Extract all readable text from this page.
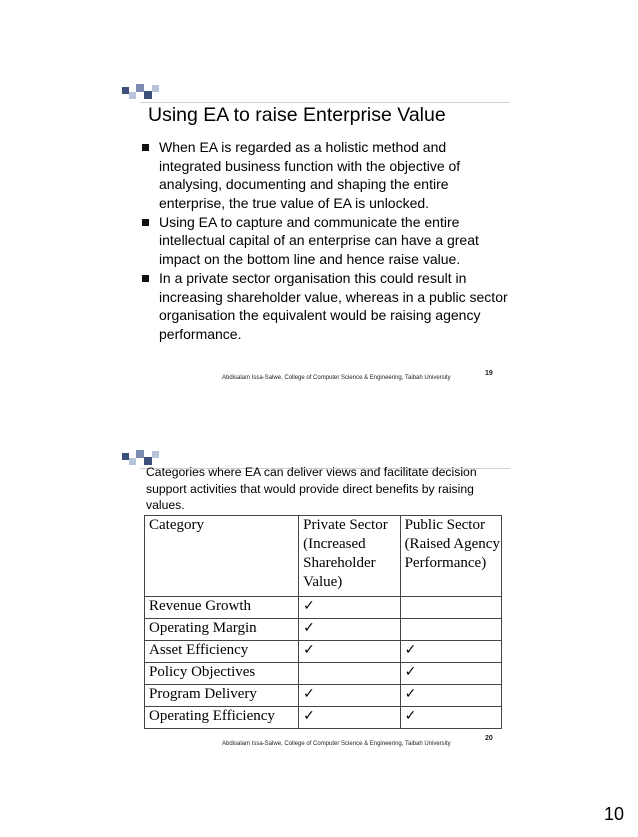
Using EA to raise Enterprise Value
When EA is regarded as a holistic method and integrated business function with the objective of analysing, documenting and shaping the entire enterprise, the true value of EA is unlocked.
Using EA to capture and communicate the entire intellectual capital of an enterprise can have a great impact on the bottom line and hence raise value.
In a private sector organisation this could result in increasing shareholder value, whereas in a public sector organisation the equivalent would be raising agency performance.
Abdisalam Issa-Salwe, College of Computer Science & Engineering, Taibah University
19
Categories where EA can deliver views and facilitate decision support activities that would provide direct benefits by raising values.
Category	Private Sector (Increased Shareholder Value)	Public Sector (Raised Agency Performance)
Revenue Growth	✓	
Operating Margin	✓	
Asset Efficiency	✓	✓
Policy Objectives		✓
Program Delivery	✓	✓
Operating Efficiency	✓	✓
Abdisalam Issa-Salwe, College of Computer Science & Engineering, Taibah University
20
10
